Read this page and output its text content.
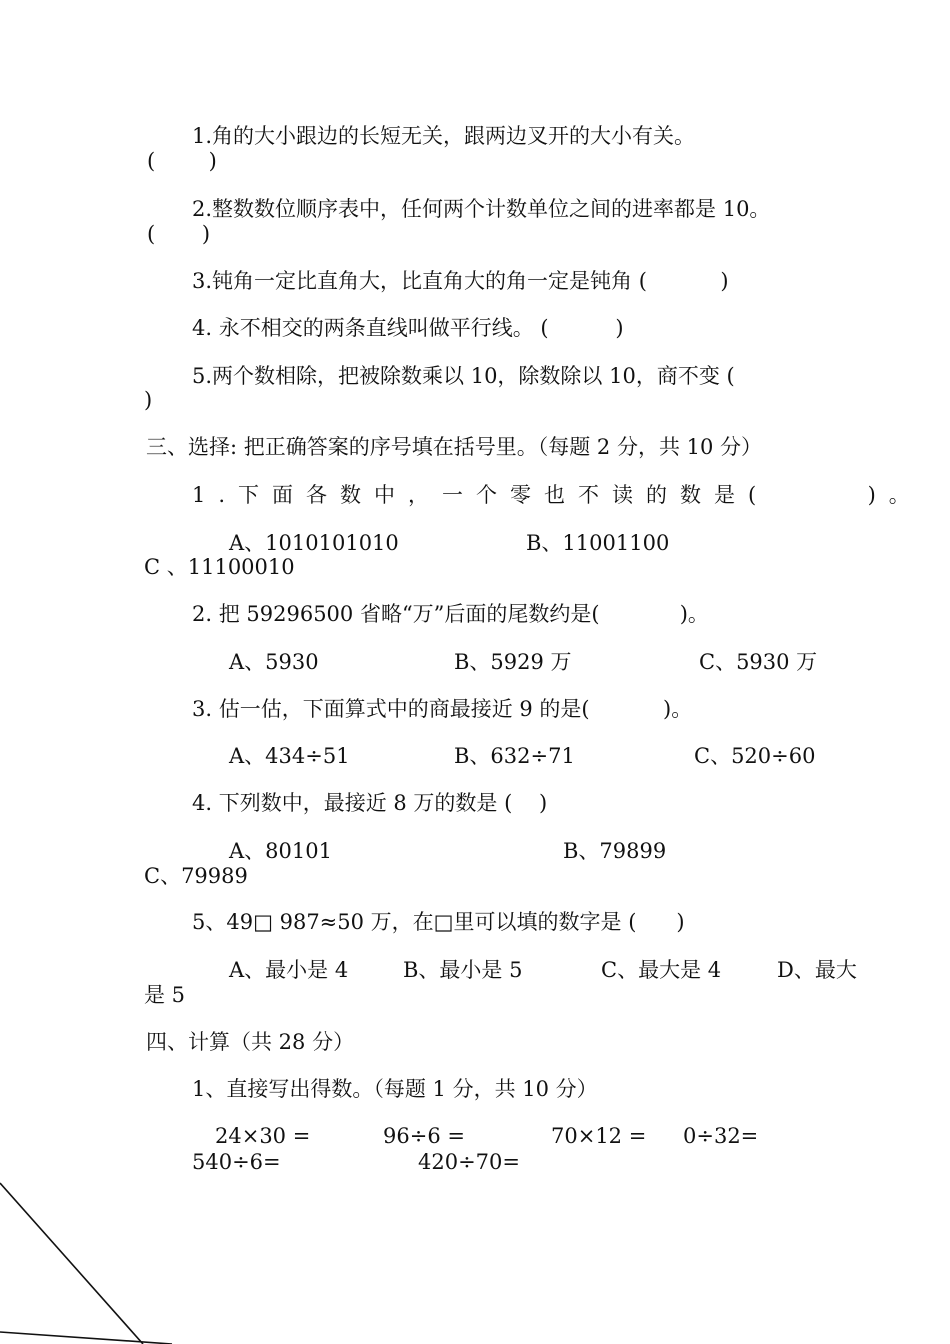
1.角的大小跟边的长短无关，跟两边叉开的大小有关。
(        )
2.整数数位顺序表中，任何两个计数单位之间的进率都是 10。
(       )
3.钝角一定比直角大，比直角大的角一定是钝角 (           )
4. 永不相交的两条直线叫做平行线。 (          )
5.两个数相除，把被除数乘以 10，除数除以 10，商不变 (
)
三、选择: 把正确答案的序号填在括号里。（每题 2 分，共 10 分）
1.下面各数中，一个零也不读的数是(     )。
A、1010101010	B、11001100
C 、11100010
2. 把 59296500 省略“万”后面的尾数约是(            )。
A、5930	B、5929 万	C、5930 万
3. 估一估，下面算式中的商最接近 9 的是(           )。
A、434÷51	B、632÷71	C、520÷60
4. 下列数中，最接近 8 万的数是 (    )
A、80101	B、79899
C、79989
5、49□ 987≈50 万，在□里可以填的数字是 (      )
A、最小是 4	B、最小是 5	C、最大是 4	D、最大
是 5
四、计算（共 28 分）
1、直接写出得数。（每题 1 分，共 10 分）
24×30 =	96÷6 =	70×12 = 0÷32=
540÷6=	420÷70=
